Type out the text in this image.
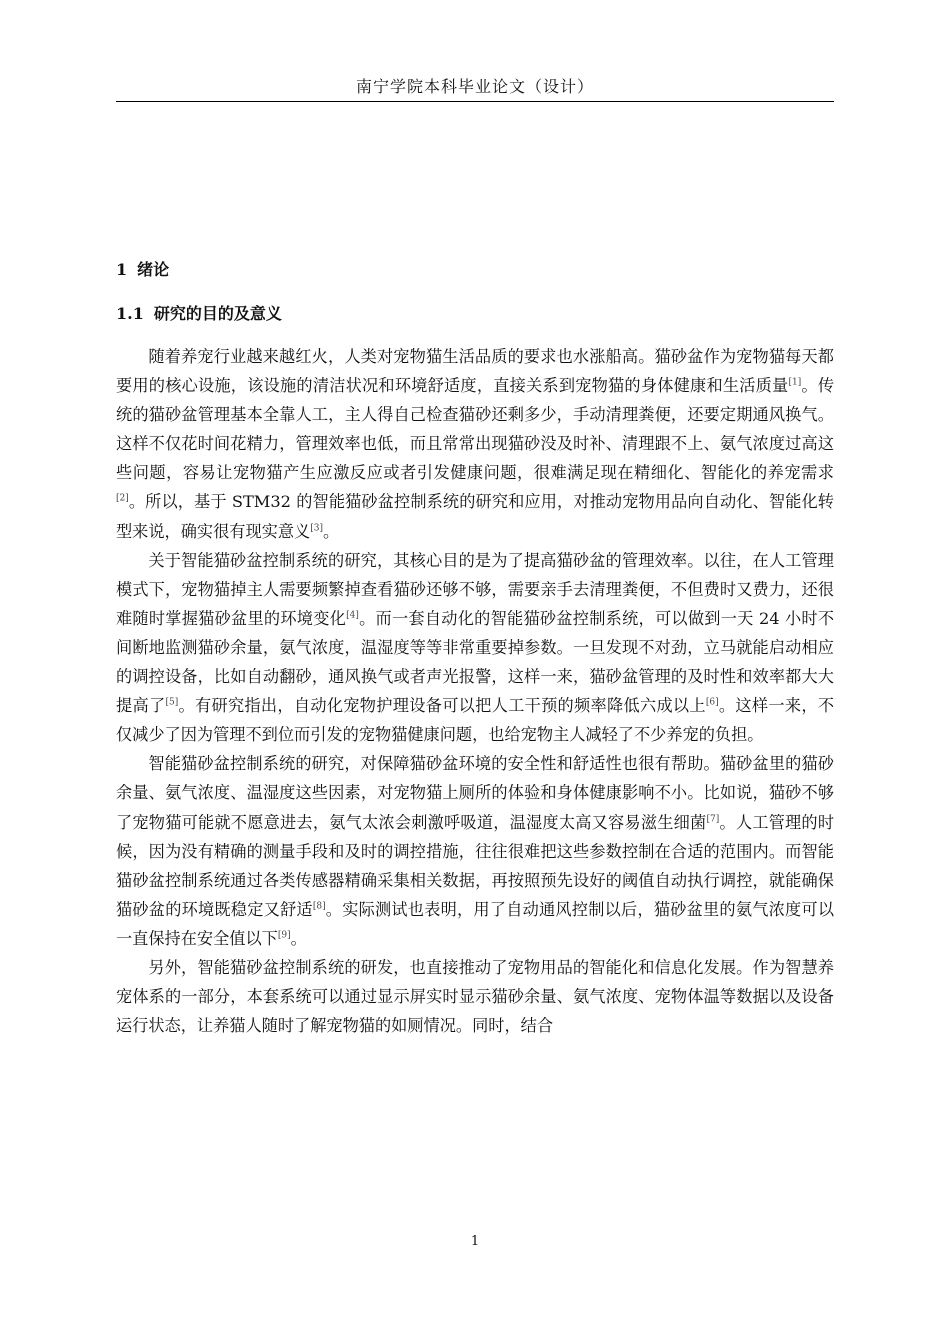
南宁学院本科毕业论文（设计）
1 绪论
1.1 研究的目的及意义

随着养宠行业越来越红火，人类对宠物猫生活品质的要求也水涨船高。猫砂盆作为宠物猫每天都要用的核心设施，该设施的清洁状况和环境舒适度，直接关系到宠物猫的身体健康和生活质量[1]。传统的猫砂盆管理基本全靠人工，主人得自己检查猫砂还剩多少，手动清理粪便，还要定期通风换气。这样不仅花时间花精力，管理效率也低，而且常常出现猫砂没及时补、清理跟不上、氨气浓度过高这些问题，容易让宠物猫产生应激反应或者引发健康问题，很难满足现在精细化、智能化的养宠需求[2]。所以，基于 STM32 的智能猫砂盆控制系统的研究和应用，对推动宠物用品向自动化、智能化转型来说，确实很有现实意义[3]。

关于智能猫砂盆控制系统的研究，其核心目的是为了提高猫砂盆的管理效率。以往，在人工管理模式下，宠物猫掉主人需要频繁掉查看猫砂还够不够，需要亲手去清理粪便，不但费时又费力，还很难随时掌握猫砂盆里的环境变化[4]。而一套自动化的智能猫砂盆控制系统，可以做到一天 24 小时不间断地监测猫砂余量，氨气浓度，温湿度等等非常重要掉参数。一旦发现不对劲，立马就能启动相应的调控设备，比如自动翻砂，通风换气或者声光报警，这样一来，猫砂盆管理的及时性和效率都大大提高了[5]。有研究指出，自动化宠物护理设备可以把人工干预的频率降低六成以上[6]。这样一来，不仅减少了因为管理不到位而引发的宠物猫健康问题，也给宠物主人减轻了不少养宠的负担。

智能猫砂盆控制系统的研究，对保障猫砂盆环境的安全性和舒适性也很有帮助。猫砂盆里的猫砂余量、氨气浓度、温湿度这些因素，对宠物猫上厕所的体验和身体健康影响不小。比如说，猫砂不够了宠物猫可能就不愿意进去，氨气太浓会刺激呼吸道，温湿度太高又容易滋生细菌[7]。人工管理的时候，因为没有精确的测量手段和及时的调控措施，往往很难把这些参数控制在合适的范围内。而智能猫砂盆控制系统通过各类传感器精确采集相关数据，再按照预先设好的阈值自动执行调控，就能确保猫砂盆的环境既稳定又舒适[8]。实际测试也表明，用了自动通风控制以后，猫砂盆里的氨气浓度可以一直保持在安全值以下[9]。

另外，智能猫砂盆控制系统的研发，也直接推动了宠物用品的智能化和信息化发展。作为智慧养宠体系的一部分，本套系统可以通过显示屏实时显示猫砂余量、氨气浓度、宠物体温等数据以及设备运行状态，让养猫人随时了解宠物猫的如厕情况。同时，结合

1
